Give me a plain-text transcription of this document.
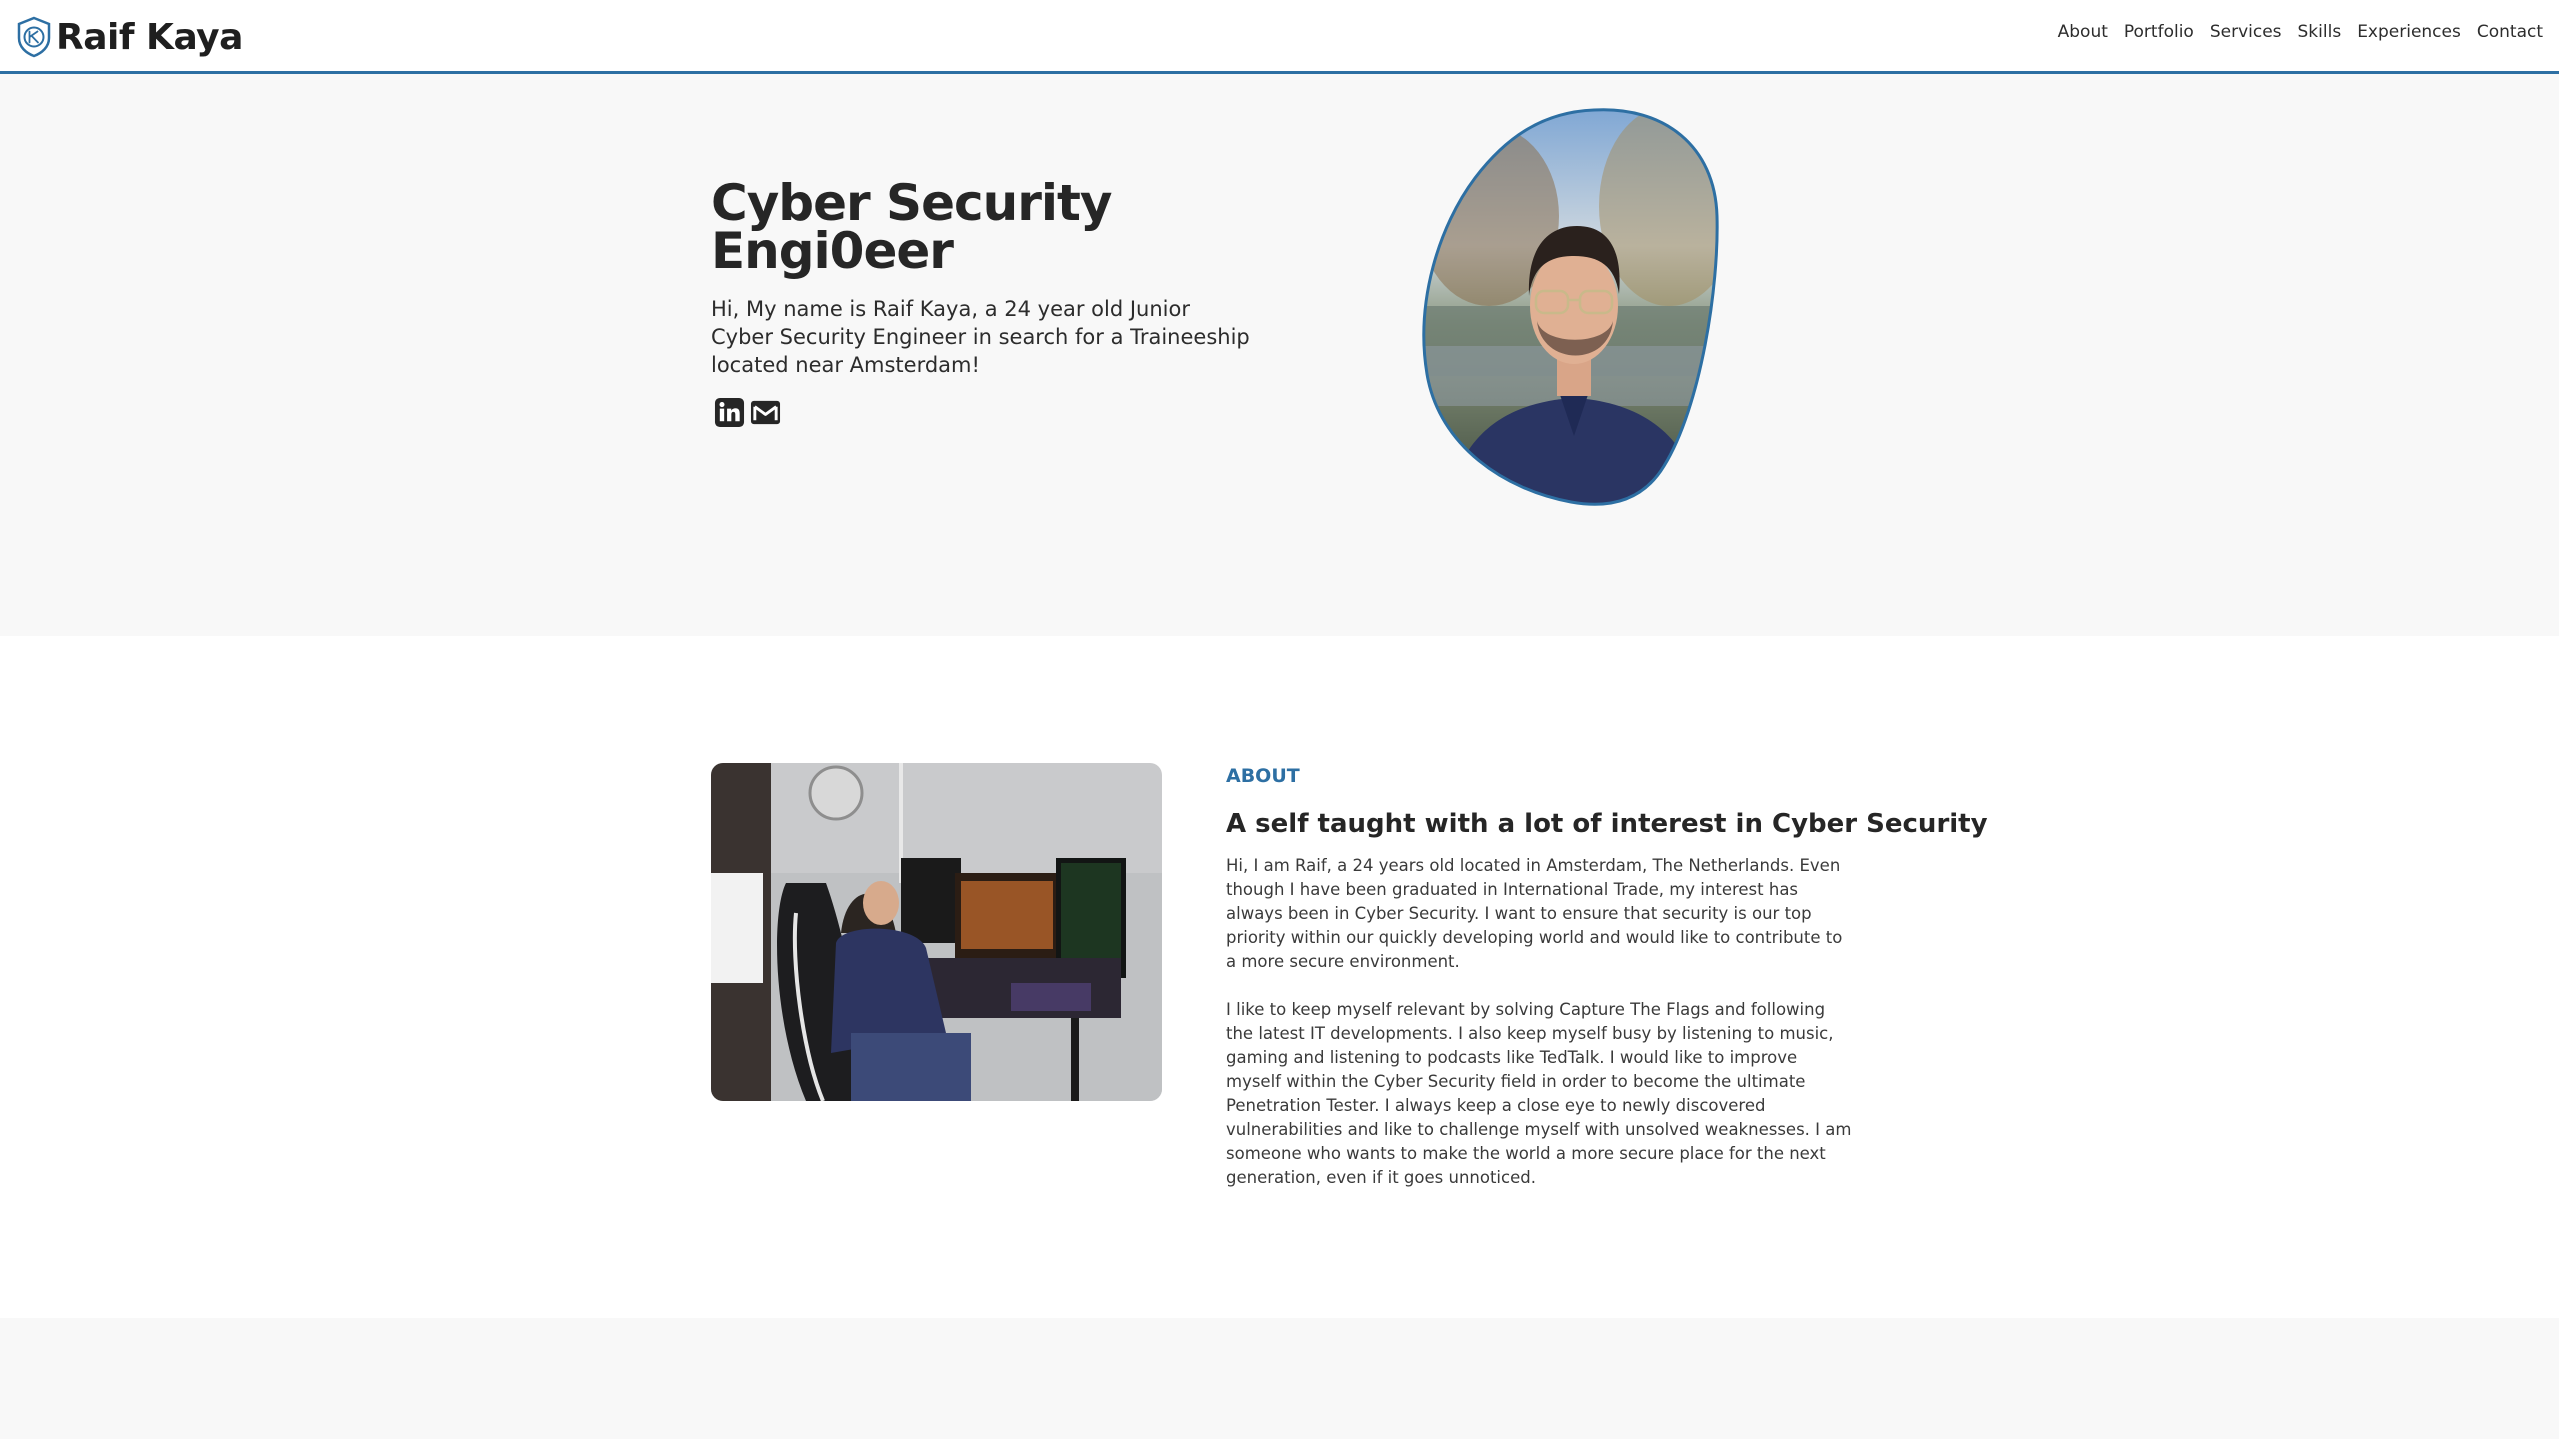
Raif Kaya	About Portfolio Services Skills Experiences Contact
Cyber Security Engi0eer

Hi, My name is Raif Kaya, a 24 year old Junior Cyber Security Engineer in search for a Traineeship located near Amsterdam!

ABOUT
A self taught with a lot of interest in Cyber Security

Hi, I am Raif, a 24 years old located in Amsterdam, The Netherlands. Even though I have been graduated in International Trade, my interest has always been in Cyber Security. I want to ensure that security is our top priority within our quickly developing world and would like to contribute to a more secure environment.

I like to keep myself relevant by solving Capture The Flags and following the latest IT developments. I also keep myself busy by listening to music, gaming and listening to podcasts like TedTalk. I would like to improve myself within the Cyber Security field in order to become the ultimate Penetration Tester. I always keep a close eye to newly discovered vulnerabilities and like to challenge myself with unsolved weaknesses. I am someone who wants to make the world a more secure place for the next generation, even if it goes unnoticed.
